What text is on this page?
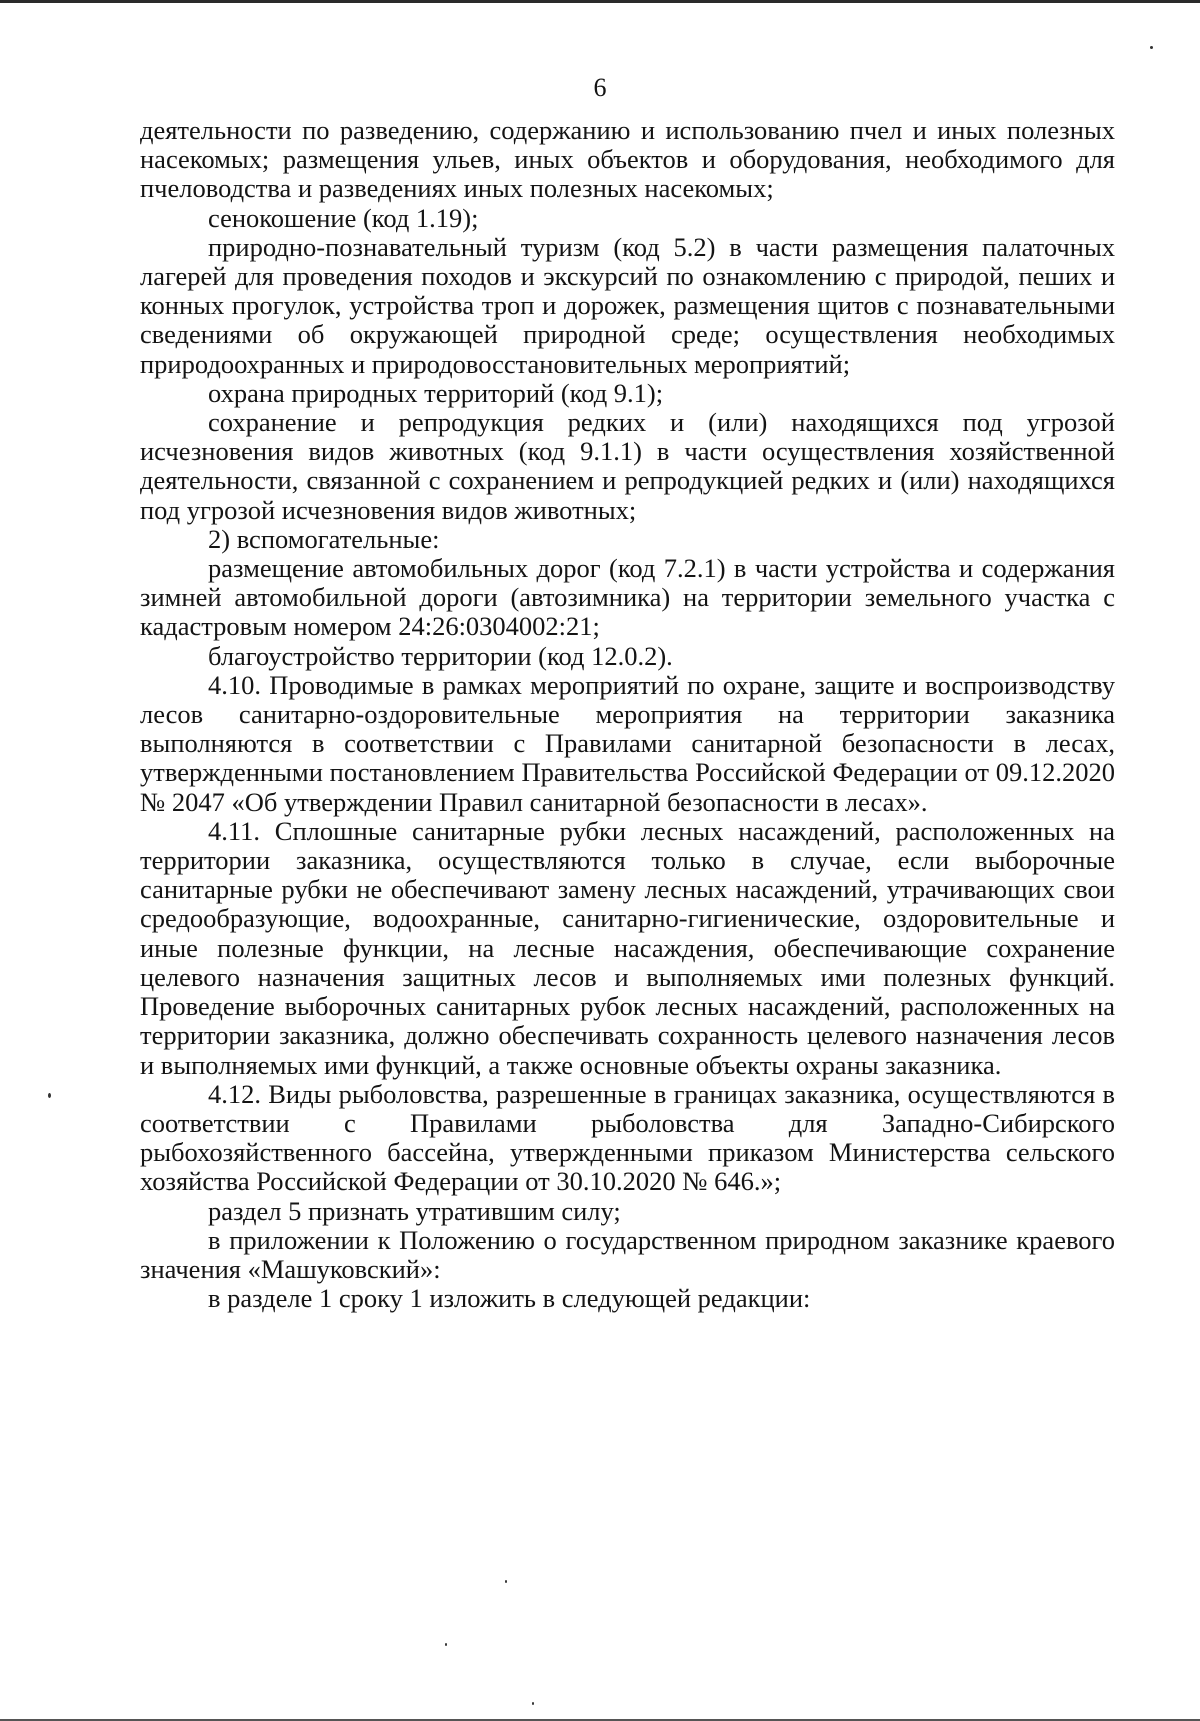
6

деятельности по разведению, содержанию и использованию пчел и иных полезных насекомых; размещения ульев, иных объектов и оборудования, необходимого для пчеловодства и разведениях иных полезных насекомых;

сенокошение (код 1.19);

природно-познавательный туризм (код 5.2) в части размещения палаточных лагерей для проведения походов и экскурсий по ознакомлению с природой, пеших и конных прогулок, устройства троп и дорожек, размещения щитов с познавательными сведениями об окружающей природной среде; осуществления необходимых природоохранных и природовосстановительных мероприятий;

охрана природных территорий (код 9.1);

сохранение и репродукция редких и (или) находящихся под угрозой исчезновения видов животных (код 9.1.1) в части осуществления хозяйственной деятельности, связанной с сохранением и репродукцией редких и (или) находящихся под угрозой исчезновения видов животных;

2) вспомогательные:

размещение автомобильных дорог (код 7.2.1) в части устройства и содержания зимней автомобильной дороги (автозимника) на территории земельного участка с кадастровым номером 24:26:0304002:21;

благоустройство территории (код 12.0.2).

4.10. Проводимые в рамках мероприятий по охране, защите и воспроизводству лесов санитарно-оздоровительные мероприятия на территории заказника выполняются в соответствии с Правилами санитарной безопасности в лесах, утвержденными постановлением Правительства Российской Федерации от 09.12.2020 № 2047 «Об утверждении Правил санитарной безопасности в лесах».

4.11. Сплошные санитарные рубки лесных насаждений, расположенных на территории заказника, осуществляются только в случае, если выборочные санитарные рубки не обеспечивают замену лесных насаждений, утрачивающих свои средообразующие, водоохранные, санитарно-гигиенические, оздоровительные и иные полезные функции, на лесные насаждения, обеспечивающие сохранение целевого назначения защитных лесов и выполняемых ими полезных функций. Проведение выборочных санитарных рубок лесных насаждений, расположенных на территории заказника, должно обеспечивать сохранность целевого назначения лесов и выполняемых ими функций, а также основные объекты охраны заказника.

4.12. Виды рыболовства, разрешенные в границах заказника, осуществляются в соответствии с Правилами рыболовства для Западно-Сибирского рыбохозяйственного бассейна, утвержденными приказом Министерства сельского хозяйства Российской Федерации от 30.10.2020 № 646.»;

раздел 5 признать утратившим силу;

в приложении к Положению о государственном природном заказнике краевого значения «Машуковский»:

в разделе 1 сроку 1 изложить в следующей редакции:
